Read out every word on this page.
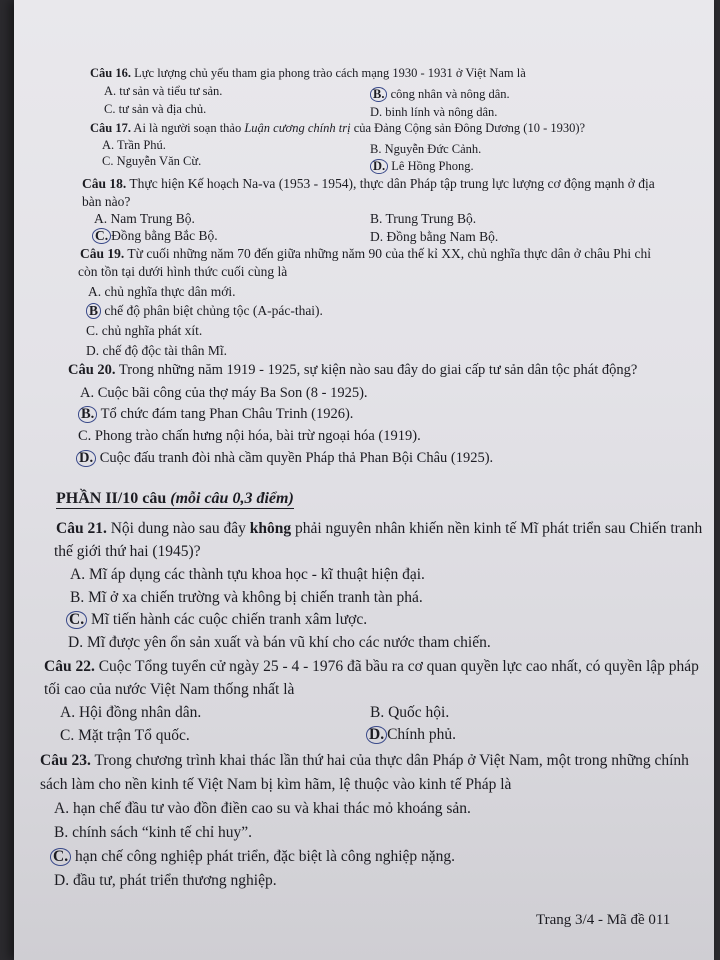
Câu 16. Lực lượng chủ yếu tham gia phong trào cách mạng 1930 - 1931 ở Việt Nam là
A. tư sản và tiểu tư sản.	B. công nhân và nông dân.
C. tư sản và địa chủ.	D. binh lính và nông dân.
Câu 17. Ai là người soạn thảo Luận cương chính trị của Đảng Cộng sản Đông Dương (10 - 1930)?
A. Trần Phú.	B. Nguyễn Đức Cảnh.
C. Nguyễn Văn Cừ.	D. Lê Hồng Phong.
Câu 18. Thực hiện Kế hoạch Na-va (1953 - 1954), thực dân Pháp tập trung lực lượng cơ động mạnh ở địa
bàn nào?
A. Nam Trung Bộ.	B. Trung Trung Bộ.
C. Đồng bằng Bắc Bộ.	D. Đồng bằng Nam Bộ.
Câu 19. Từ cuối những năm 70 đến giữa những năm 90 của thế kỉ XX, chủ nghĩa thực dân ở châu Phi chỉ
còn tồn tại dưới hình thức cuối cùng là
A. chủ nghĩa thực dân mới.
B chế độ phân biệt chủng tộc (A-pác-thai).
C. chủ nghĩa phát xít.
D. chế độ độc tài thân Mĩ.
Câu 20. Trong những năm 1919 - 1925, sự kiện nào sau đây do giai cấp tư sản dân tộc phát động?
A. Cuộc bãi công của thợ máy Ba Son (8 - 1925).
B. Tổ chức đám tang Phan Châu Trinh (1926).
C. Phong trào chấn hưng nội hóa, bài trừ ngoại hóa (1919).
D. Cuộc đấu tranh đòi nhà cầm quyền Pháp thả Phan Bội Châu (1925).
PHẦN II/10 câu (mỗi câu 0,3 điểm)
Câu 21. Nội dung nào sau đây không phải nguyên nhân khiến nền kinh tế Mĩ phát triển sau Chiến tranh
thế giới thứ hai (1945)?
A. Mĩ áp dụng các thành tựu khoa học - kĩ thuật hiện đại.
B. Mĩ ở xa chiến trường và không bị chiến tranh tàn phá.
C. Mĩ tiến hành các cuộc chiến tranh xâm lược.
D. Mĩ được yên ổn sản xuất và bán vũ khí cho các nước tham chiến.
Câu 22. Cuộc Tổng tuyển cử ngày 25 - 4 - 1976 đã bầu ra cơ quan quyền lực cao nhất, có quyền lập pháp
tối cao của nước Việt Nam thống nhất là
A. Hội đồng nhân dân.	B. Quốc hội.
C. Mặt trận Tổ quốc.	D. Chính phủ.
Câu 23. Trong chương trình khai thác lần thứ hai của thực dân Pháp ở Việt Nam, một trong những chính
sách làm cho nền kinh tế Việt Nam bị kìm hãm, lệ thuộc vào kinh tế Pháp là
A. hạn chế đầu tư vào đồn điền cao su và khai thác mỏ khoáng sản.
B. chính sách “kinh tế chỉ huy”.
C. hạn chế công nghiệp phát triển, đặc biệt là công nghiệp nặng.
D. đầu tư, phát triển thương nghiệp.
Trang 3/4 - Mã đề 011
